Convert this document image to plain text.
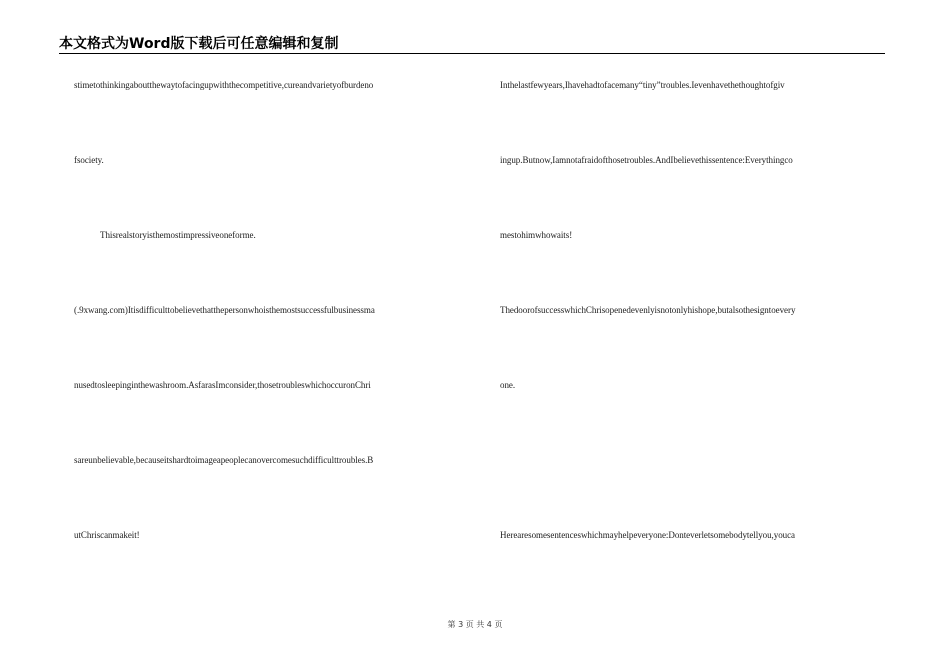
本文格式为Word版下载后可任意编辑和复制
stimetothinkingaboutthewaytofacingupwiththecompetitive,cureandvarietyofburdeno
fsociety.
Thisrealstoryisthemostimpressiveoneforme.
(.9xwang.com)Itisdifficulttobelievethatthepersonwhoisthemostsuccessfulbusinessma
nusedtosleepinginthewashroom.AsfarasImconsider,thosetroubleswhichoccuronChri
sareunbelievable,becauseitshardtoimageapeoplecanovercomesuchdifficulttroubles.B
utChriscanmakeit!
Inthelastfewyears,Ihavehadtofacemany“tiny”troubles.Ievenhavethethoughtofgiv
ingup.Butnow,Iamnotafraidofthosetroubles.AndIbelievethissentence:Everythingco
mestohimwhowaits!
ThedoorofsuccesswhichChrisopenedevenlyisnotonlyhishope,butalsothesigntoevery
one.
Herearesomesentenceswhichmayhelpeveryone:Donteverletsomebodytellyou,youca
第 3 页 共 4 页
